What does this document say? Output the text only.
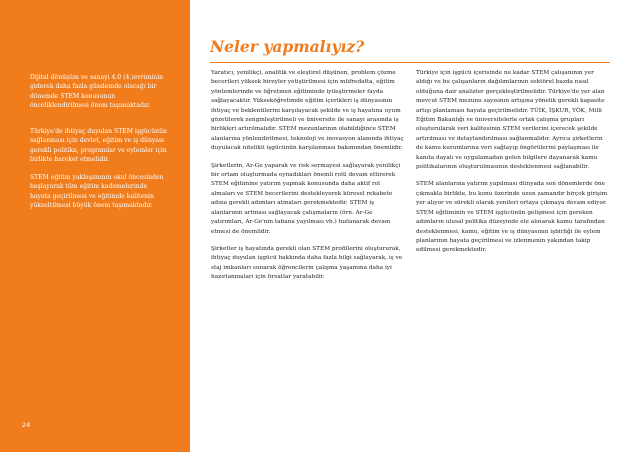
Dijital dönüşüm ve sanayi 4.0 (4.)evriminin giderek daha fazla gündemde olacağı bir dönemde STEM konusunun önceliklendirilmesi önem taşımaktadır.

Türkiye'de ihtiyaç duyulan STEM işgücünün sağlanması için devlet, eğitim ve iş dünyası gerekli politika, programlar ve eylemler için birlikte hareket etmelidir.

STEM eğitim yaklaşımının okul öncesinden başlayarak tüm eğitim kademelerinde hayata geçirilmesi ve eğitimde kalitenin yükseltilmesi büyük önem taşımaktadır.

24
Neler yapmalıyız?

Yaratıcı, yenilikçi, analitik ve eleştirel düşünen, problem çözme becerileri yüksek bireyler yetiştirilmesi için müfredatta, eğitim yöntemlerinde ve öğretmen eğitiminde iyileştirmeler fayda sağlayacaktır. Yükseköğretimde eğitim içerikleri iş dünyasının ihtiyaç ve beklentilerini karşılayacak şekilde ve iş hayatına uyum gözetilerek zenginleştirilmeli ve üniversite ile sanayi arasında iş birlikleri artırılmalıdır. STEM mezunlarının olabildiğince STEM alanlarına yönlendirilmesi, teknoloji ve inovasyon alanında ihtiyaç duyulacak nitelikli işgücünün karşılanması bakımından önemlidir.

Şirketlerin, Ar-Ge yaparak ve risk sermayesi sağlayarak yenilikçi bir ortam oluşturmada oynadıkları önemli rolü devam ettirerek STEM eğitimine yatırım yapmak konusunda daha aktif rol almaları ve STEM becerilerini destekleyerek küresel rekabete adına gerekli adımları atmaları gerekmektedir. STEM iş alanlarının artması sağlayacak çalışmaların (örn. Ar-Ge yatırımları, Ar-Ge'nin tabana yayılması vb.) hızlanarak devam etmesi de önemlidir.

Şirketler iş hayatında gerekli olan STEM profillerini oluştururak, ihtiyaç duyulan işgücü hakkında daha fazla bilgi sağlayarak, iş ve staj imkanları sunarak öğrencilerin çalışma yaşamına daha iyi hazırlanmaları için fırsatlar yaratabilir.

Türkiye için işgücü içerisinde ne kadar STEM çalışanının yer aldığı ve bu çalışanların dağılımlarının sektörel bazda nasıl olduğuna dair analizler gerçekleştirilmelidir. Türkiye'de yer alan mevcut STEM mezunu sayısının artışına yönelik gerekli kapasite artışı planlaması hayata geçirilmelidir. TÜİK, İŞKUR, YÖK, Milli Eğitim Bakanlığı ve üniversitelerle ortak çalışma grupları oluşturularak veri kalitesinin STEM verilerini içerecek şekilde artırılması ve detaylandırılması sağlanmalıdır. Ayrıca şirketlerin de kamu kurumlarına veri sağlayıp öngörülerini paylaşması ile kanıta dayalı ve uygulamadan gelen bilgilere dayanarak kamu politikalarının oluşturulmasının desteklenmesi sağlanabilir.

STEM alanlarına yatırım yapılması dünyada son dönemlerde öne çıkmakla birlikte, bu konu üzerinde uzun zamandır birçok girişim yer alıyor ve sürekli olarak yenileri ortaya çıkmaya devam ediyor. STEM eğitiminin ve STEM işgücünün gelişmesi için gereken adımların ulusal politika düzeyinde ele alınarak kamu tarafından desteklenmesi, kamu, eğitim ve iş dünyasının işbirliği ile eylem planlarının hayata geçirilmesi ve izlenmenin yakından takip edilmesi gerekmektedir.
